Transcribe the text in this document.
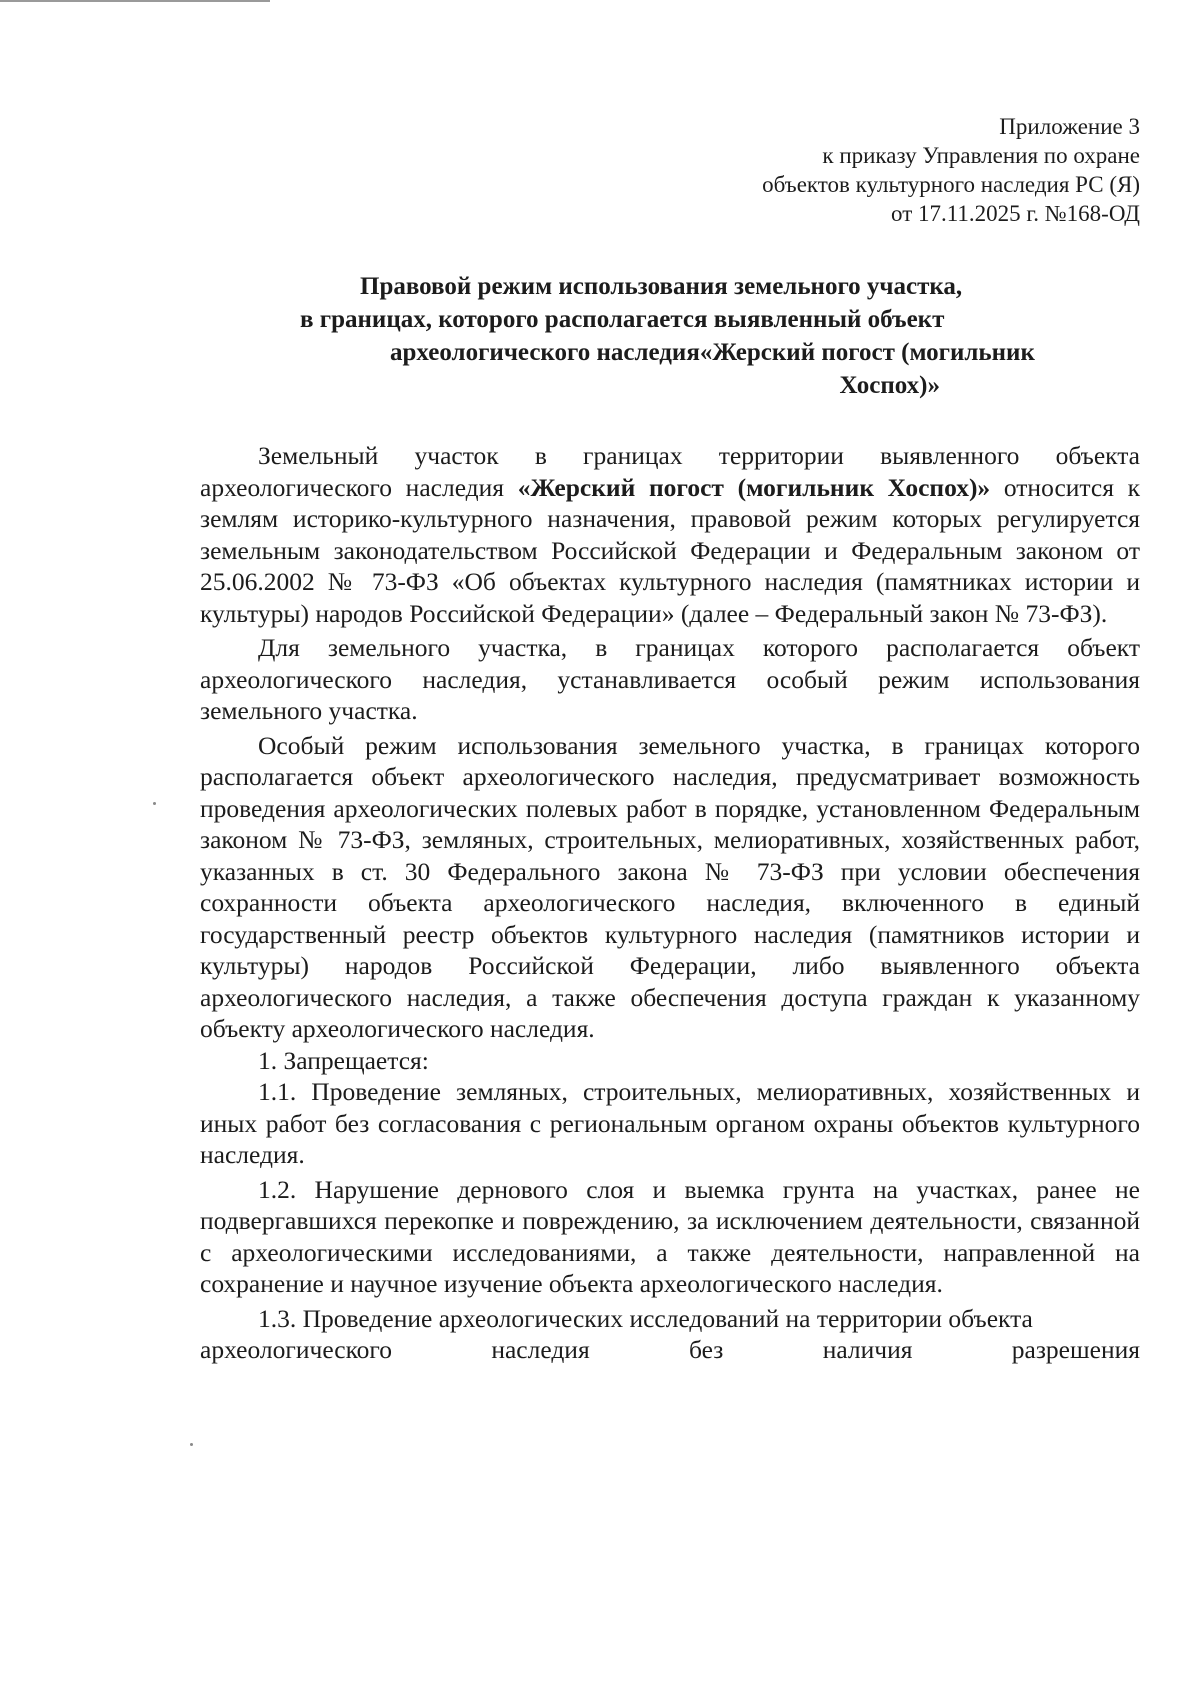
Приложение 3
к приказу Управления по охране
объектов культурного наследия РС (Я)
от 17.11.2025 г. №168-ОД
Правовой режим использования земельного участка,
в границах, которого располагается выявленный объект
археологического наследия«Жерский погост (могильник
Хоспох)»

Земельный участок в границах территории выявленного объекта археологического наследия «Жерский погост (могильник Хоспох)» относится к землям историко-культурного назначения, правовой режим которых регулируется земельным законодательством Российской Федерации и Федеральным законом от 25.06.2002 № 73-ФЗ «Об объектах культурного наследия (памятниках истории и культуры) народов Российской Федерации» (далее – Федеральный закон № 73-ФЗ).

Для земельного участка, в границах которого располагается объект археологического наследия, устанавливается особый режим использования земельного участка.

Особый режим использования земельного участка, в границах которого располагается объект археологического наследия, предусматривает возможность проведения археологических полевых работ в порядке, установленном Федеральным законом № 73-ФЗ, земляных, строительных, мелиоративных, хозяйственных работ, указанных в ст. 30 Федерального закона № 73-ФЗ при условии обеспечения сохранности объекта археологического наследия, включенного в единый государственный реестр объектов культурного наследия (памятников истории и культуры) народов Российской Федерации, либо выявленного объекта археологического наследия, а также обеспечения доступа граждан к указанному объекту археологического наследия.

1. Запрещается:

1.1. Проведение земляных, строительных, мелиоративных, хозяйственных и иных работ без согласования с региональным органом охраны объектов культурного наследия.

1.2. Нарушение дернового слоя и выемка грунта на участках, ранее не подвергавшихся перекопке и повреждению, за исключением деятельности, связанной с археологическими исследованиями, а также деятельности, направленной на сохранение и научное изучение объекта археологического наследия.

1.3. Проведение археологических исследований на территории объекта

археологического	наследия	без	наличия	разрешения
